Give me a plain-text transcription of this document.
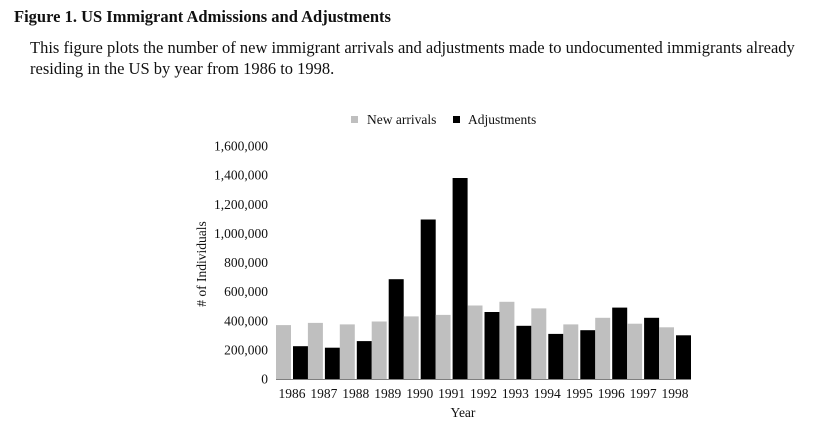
Figure 1. US Immigrant Admissions and Adjustments
This figure plots the number of new immigrant arrivals and adjustments made to undocumented immigrants already residing in the US by year from 1986 to 1998.
New arrivals Adjustments
0
200,000
400,000
600,000
800,000
1,000,000
1,200,000
1,400,000
1,600,000
1986 1987 1988 1989 1990 1991 1992 1993 1994 1995 1996 1997 1998
# of Individuals
Year
